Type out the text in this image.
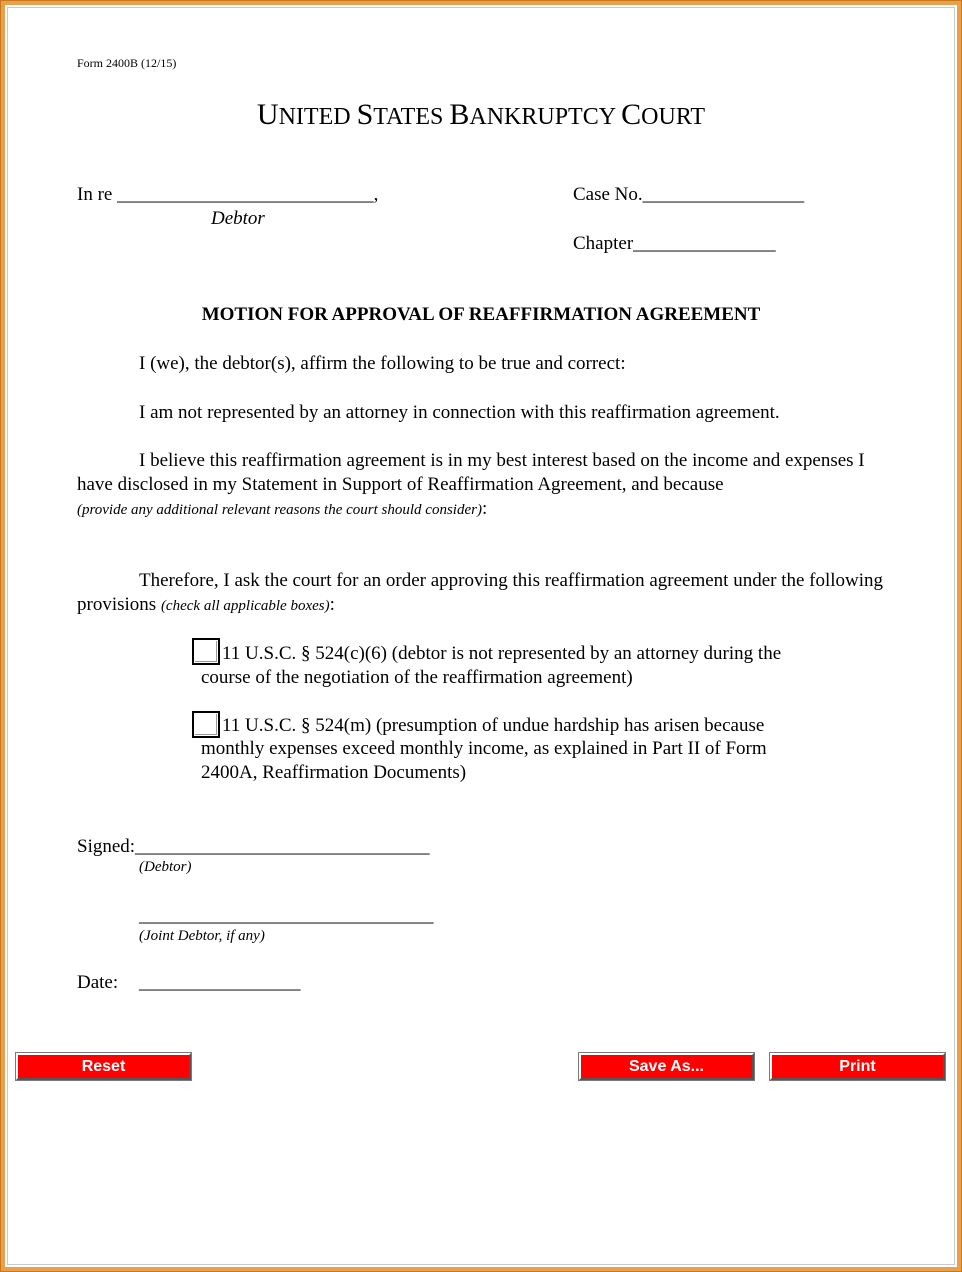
Form 2400B (12/15)
UNITED STATES BANKRUPTCY COURT
In re ___________________________,
Debtor
Case No._________________
Chapter_______________
MOTION FOR APPROVAL OF REAFFIRMATION AGREEMENT
I (we), the debtor(s), affirm the following to be true and correct:
I am not represented by an attorney in connection with this reaffirmation agreement.
I believe this reaffirmation agreement is in my best interest based on the income and expenses I have disclosed in my Statement in Support of Reaffirmation Agreement, and because
(provide any additional relevant reasons the court should consider):
Therefore, I ask the court for an order approving this reaffirmation agreement under the following provisions (check all applicable boxes):
11 U.S.C. § 524(c)(6) (debtor is not represented by an attorney during the
course of the negotiation of the reaffirmation agreement)
11 U.S.C. § 524(m) (presumption of undue hardship has arisen because
monthly expenses exceed monthly income, as explained in Part II of Form
2400A, Reaffirmation Documents)
Signed:_______________________________
(Debtor)
_______________________________
(Joint Debtor, if any)
Date: _________________
Reset	Save As...	Print
